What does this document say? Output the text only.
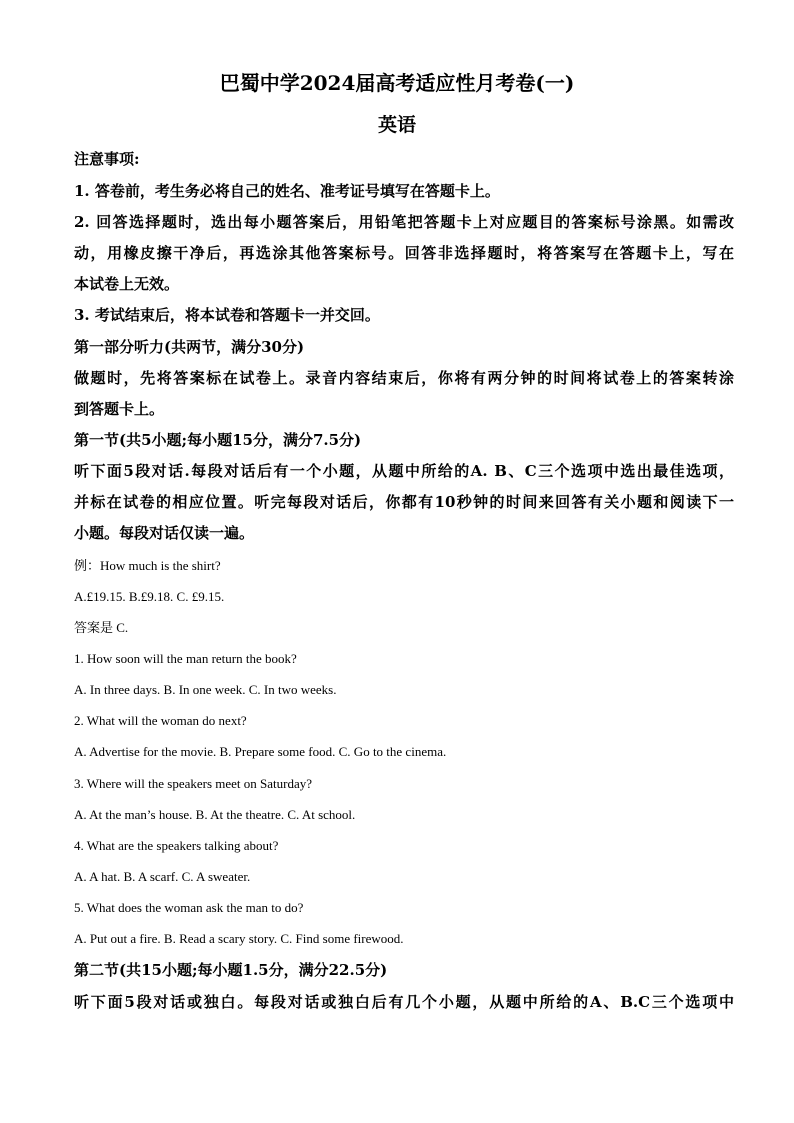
巴蜀中学2024届高考适应性月考卷(一)

英语

注意事项:

1. 答卷前，考生务必将自己的姓名、准考证号填写在答题卡上。

2. 回答选择题时，选出每小题答案后，用铅笔把答题卡上对应题目的答案标号涂黑。如需改

动，用橡皮擦干净后，再选涂其他答案标号。回答非选择题时，将答案写在答题卡上，写在

本试卷上无效。

3. 考试结束后，将本试卷和答题卡一并交回。

第一部分听力(共两节，满分30分)

做题时，先将答案标在试卷上。录音内容结束后，你将有两分钟的时间将试卷上的答案转涂

到答题卡上。

第一节(共5小题;每小题15分，满分7.5分)

听下面5段对话.每段对话后有一个小题，从题中所给的A. B、C三个选项中选出最佳选项，

并标在试卷的相应位置。听完每段对话后，你都有10秒钟的时间来回答有关小题和阅读下一

小题。每段对话仅读一遍。

例：How much is the shirt?

A.£19.15. B.£9.18. C. £9.15.

答案是 C.

1. How soon will the man return the book?

A. In three days. B. In one week. C. In two weeks.

2. What will the woman do next?

A. Advertise for the movie. B. Prepare some food. C. Go to the cinema.

3. Where will the speakers meet on Saturday?

A. At the man’s house. B. At the theatre. C. At school.

4. What are the speakers talking about?

A. A hat. B. A scarf. C. A sweater.

5. What does the woman ask the man to do?

A. Put out a fire. B. Read a scary story. C. Find some firewood.

第二节(共15小题;每小题1.5分，满分22.5分)

听下面5段对话或独白。每段对话或独白后有几个小题，从题中所给的A、B.C三个选项中
